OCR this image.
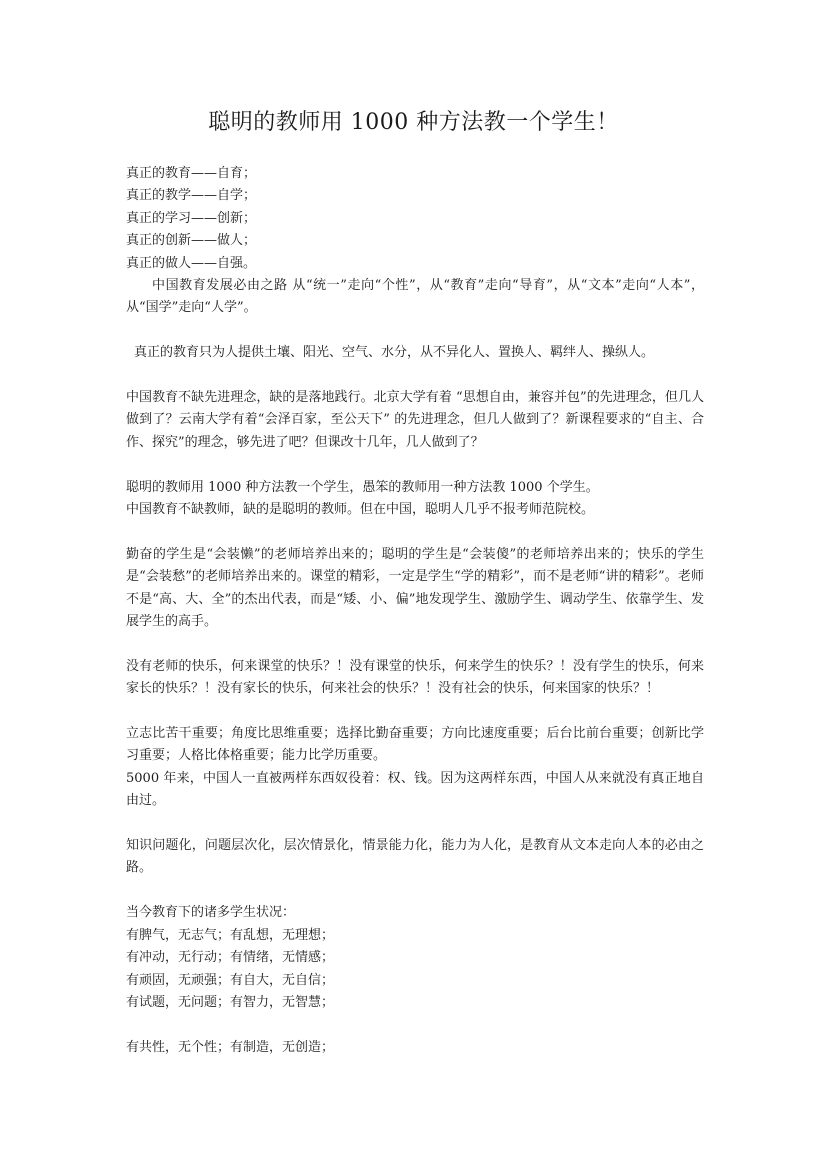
聪明的教师用 1000 种方法教一个学生！

真正的教育——自育；

真正的教学——自学；

真正的学习——创新；

真正的创新——做人；

真正的做人——自强。

中国教育发展必由之路 从“统一”走向“个性”，从“教育”走向“导育”，从“文本”走向“人本”，从“国学”走向“人学”。

真正的教育只为人提供土壤、阳光、空气、水分，从不异化人、置换人、羁绊人、操纵人。

中国教育不缺先进理念，缺的是落地践行。北京大学有着 “思想自由，兼容并包”的先进理念，但几人做到了？云南大学有着“会泽百家，至公天下” 的先进理念，但几人做到了？新课程要求的“自主、合作、探究”的理念，够先进了吧？但课改十几年，几人做到了？

聪明的教师用 1000 种方法教一个学生，愚笨的教师用一种方法教 1000 个学生。

中国教育不缺教师，缺的是聪明的教师。但在中国，聪明人几乎不报考师范院校。

勤奋的学生是“会装懒”的老师培养出来的；聪明的学生是“会装傻”的老师培养出来的；快乐的学生是“会装愁”的老师培养出来的。课堂的精彩，一定是学生“学的精彩”，而不是老师“讲的精彩”。老师不是“高、大、全”的杰出代表，而是“矮、小、偏”地发现学生、激励学生、调动学生、依靠学生、发展学生的高手。

没有老师的快乐，何来课堂的快乐？！没有课堂的快乐，何来学生的快乐？！没有学生的快乐，何来家长的快乐？！没有家长的快乐，何来社会的快乐？！没有社会的快乐，何来国家的快乐？！

立志比苦干重要；角度比思维重要；选择比勤奋重要；方向比速度重要；后台比前台重要；创新比学习重要；人格比体格重要；能力比学历重要。

5000 年来，中国人一直被两样东西奴役着：权、钱。因为这两样东西，中国人从来就没有真正地自由过。

知识问题化，问题层次化，层次情景化，情景能力化，能力为人化，是教育从文本走向人本的必由之路。

当今教育下的诸多学生状况：

有脾气，无志气；有乱想，无理想；

有冲动，无行动；有情绪，无情感；

有顽固，无顽强；有自大，无自信；

有试题，无问题；有智力，无智慧；

有共性，无个性；有制造，无创造；
